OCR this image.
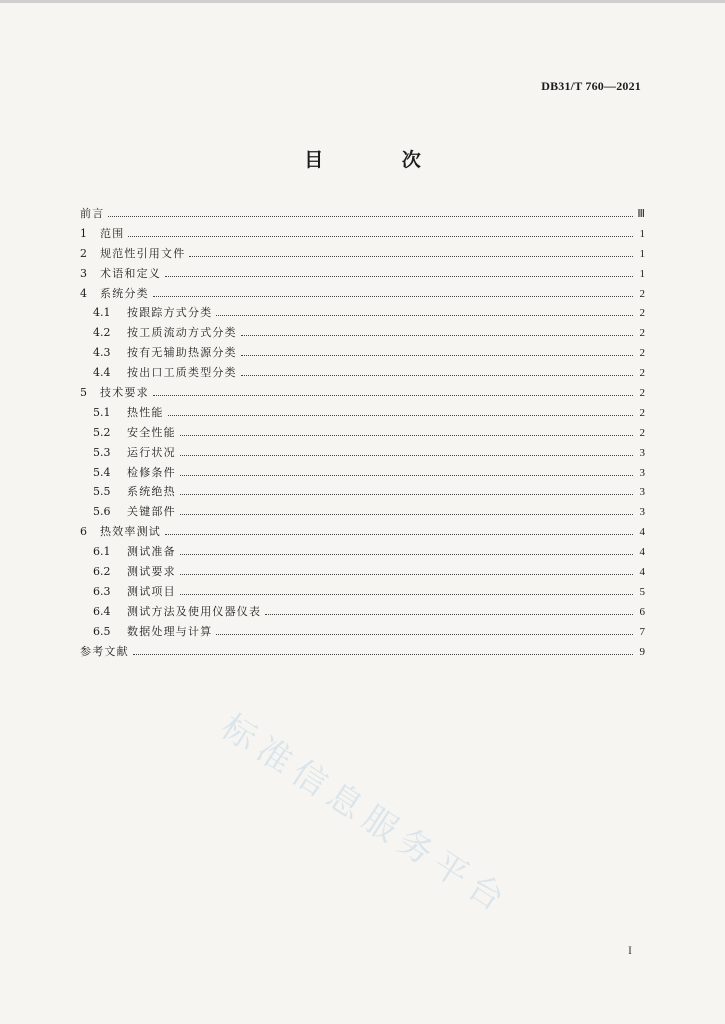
DB31/T 760—2021
目 次
前言	Ⅲ
1	范围	1
2	规范性引用文件	1
3	术语和定义	1
4	系统分类	2
4.1	按跟踪方式分类	2
4.2	按工质流动方式分类	2
4.3	按有无辅助热源分类	2
4.4	按出口工质类型分类	2
5	技术要求	2
5.1	热性能	2
5.2	安全性能	2
5.3	运行状况	3
5.4	检修条件	3
5.5	系统绝热	3
5.6	关键部件	3
6	热效率测试	4
6.1	测试准备	4
6.2	测试要求	4
6.3	测试项目	5
6.4	测试方法及使用仪器仪表	6
6.5	数据处理与计算	7
参考文献	9
标准信息服务平台
I
